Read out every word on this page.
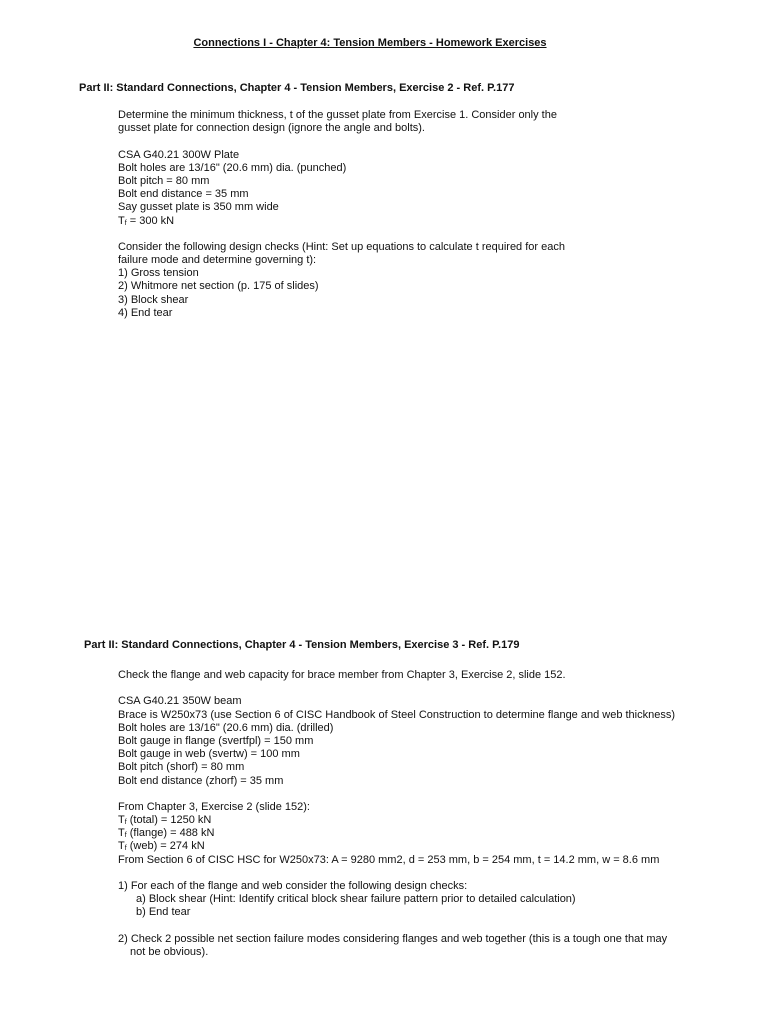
Connections I - Chapter 4: Tension Members - Homework Exercises
Part II: Standard Connections, Chapter 4 - Tension Members, Exercise 2 - Ref. P.177
Determine the minimum thickness, t of the gusset plate from Exercise 1. Consider only the
gusset plate for connection design (ignore the angle and bolts).
CSA G40.21 300W Plate
Bolt holes are 13/16" (20.6 mm) dia. (punched)
Bolt pitch = 80 mm
Bolt end distance = 35 mm
Say gusset plate is 350 mm wide
$T_f = 300$ kN
Consider the following design checks (Hint: Set up equations to calculate t required for each
failure mode and determine governing t):
1) Gross tension
2) Whitmore net section (p. 175 of slides)
3) Block shear
4) End tear
Part II: Standard Connections, Chapter 4 - Tension Members, Exercise 3 - Ref. P.179
Check the flange and web capacity for brace member from Chapter 3, Exercise 2, slide 152.
CSA G40.21 350W beam
Brace is W250x73 (use Section 6 of CISC Handbook of Steel Construction to determine flange and web thickness)
Bolt holes are 13/16" (20.6 mm) dia. (drilled)
Bolt gauge in flange (svertfpl) = 150 mm
Bolt gauge in web (svertw) = 100 mm
Bolt pitch (shorf) = 80 mm
Bolt end distance (zhorf) = 35 mm
From Chapter 3, Exercise 2 (slide 152):
$T_f$ (total) = 1250 kN
$T_f$ (flange) = 488 kN
$T_f$ (web) = 274 kN
From Section 6 of CISC HSC for W250x73: A = 9280 mm2, d = 253 mm, b = 254 mm, t = 14.2 mm, w = 8.6 mm
1) For each of the flange and web consider the following design checks:
a) Block shear (Hint: Identify critical block shear failure pattern prior to detailed calculation)
b) End tear
2) Check 2 possible net section failure modes considering flanges and web together (this is a tough one that may
not be obvious).
